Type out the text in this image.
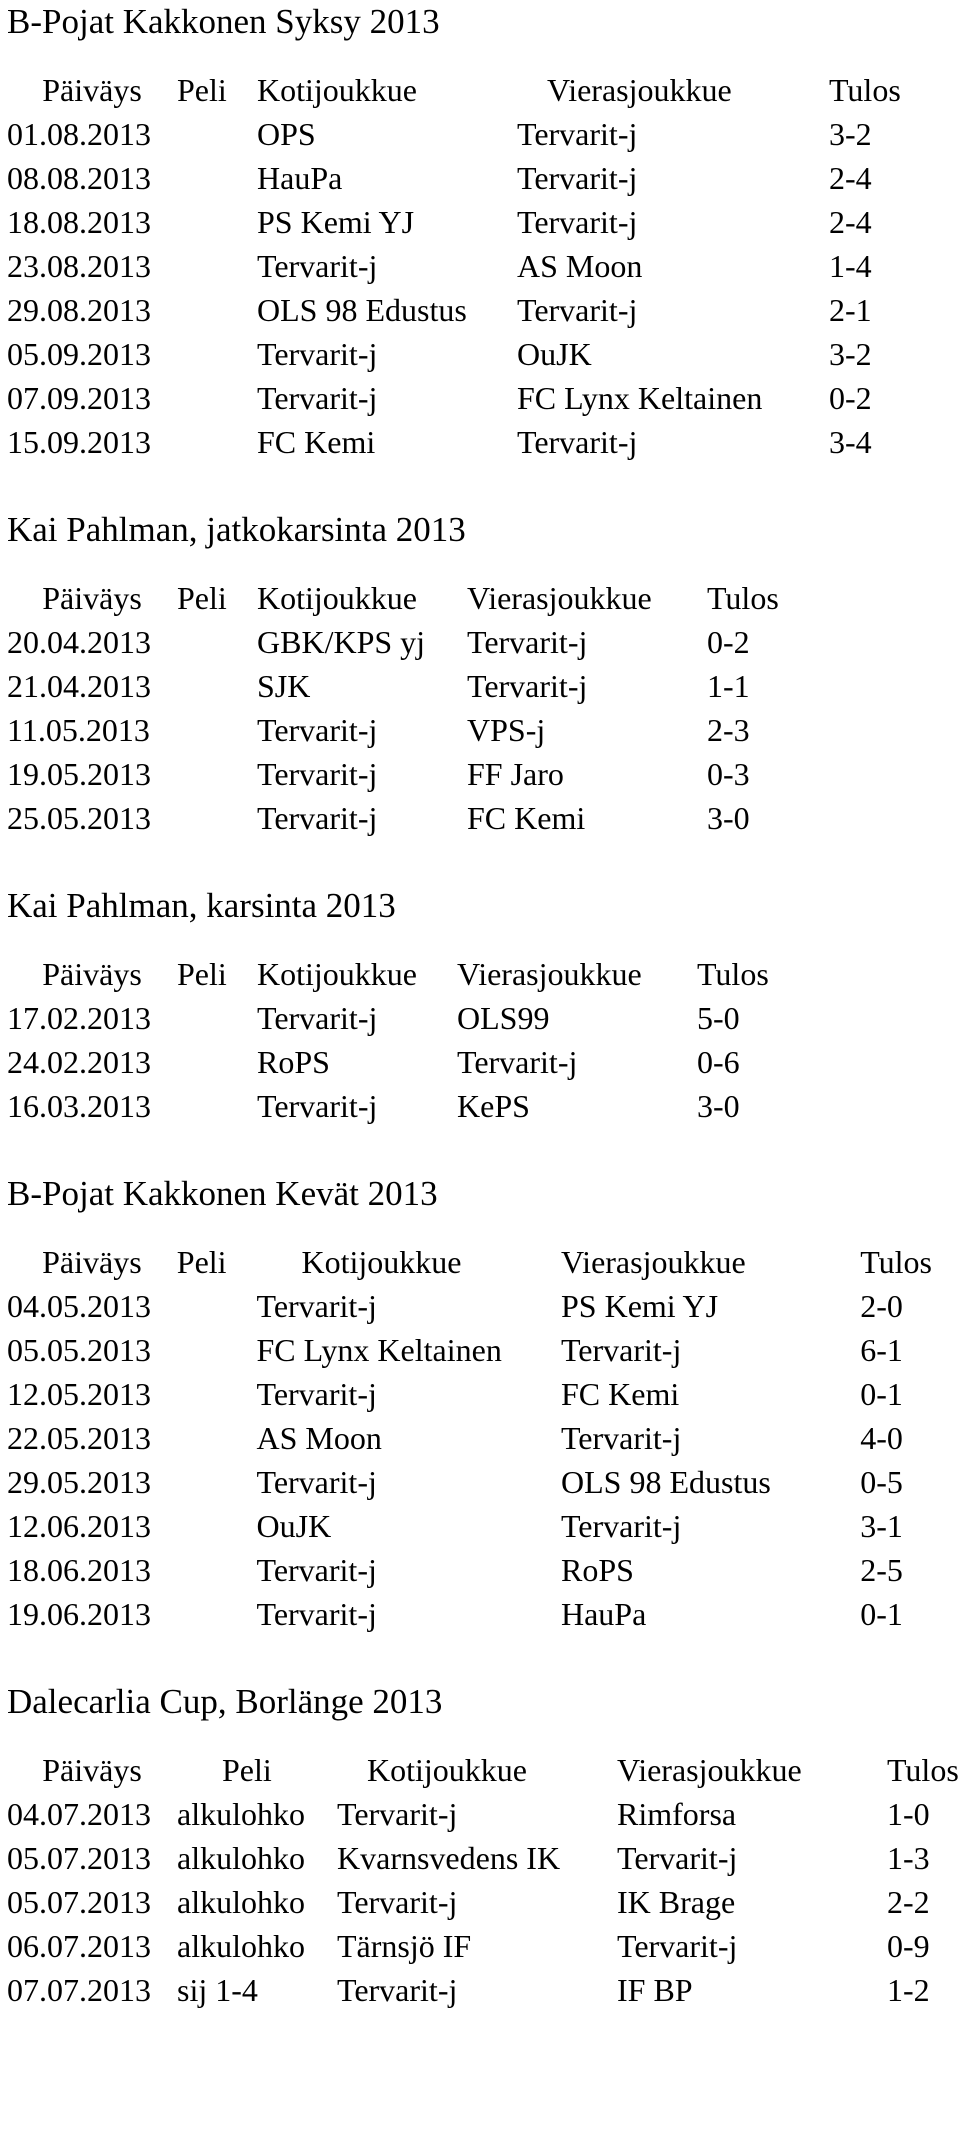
B-Pojat Kakkonen Syksy 2013
Päiväys	Peli	Kotijoukkue	Vierasjoukkue	Tulos
01.08.2013		OPS	Tervarit-j	3-2
08.08.2013		HauPa	Tervarit-j	2-4
18.08.2013		PS Kemi YJ	Tervarit-j	2-4
23.08.2013		Tervarit-j	AS Moon	1-4
29.08.2013		OLS 98 Edustus	Tervarit-j	2-1
05.09.2013		Tervarit-j	OuJK	3-2
07.09.2013		Tervarit-j	FC Lynx Keltainen	0-2
15.09.2013		FC Kemi	Tervarit-j	3-4
Kai Pahlman, jatkokarsinta 2013
Päiväys	Peli	Kotijoukkue	Vierasjoukkue	Tulos
20.04.2013		GBK/KPS yj	Tervarit-j	0-2
21.04.2013		SJK	Tervarit-j	1-1
11.05.2013		Tervarit-j	VPS-j	2-3
19.05.2013		Tervarit-j	FF Jaro	0-3
25.05.2013		Tervarit-j	FC Kemi	3-0
Kai Pahlman, karsinta 2013
Päiväys	Peli	Kotijoukkue	Vierasjoukkue	Tulos
17.02.2013		Tervarit-j	OLS99	5-0
24.02.2013		RoPS	Tervarit-j	0-6
16.03.2013		Tervarit-j	KePS	3-0
B-Pojat Kakkonen Kevät 2013
Päiväys	Peli	Kotijoukkue	Vierasjoukkue	Tulos
04.05.2013		Tervarit-j	PS Kemi YJ	2-0
05.05.2013		FC Lynx Keltainen	Tervarit-j	6-1
12.05.2013		Tervarit-j	FC Kemi	0-1
22.05.2013		AS Moon	Tervarit-j	4-0
29.05.2013		Tervarit-j	OLS 98 Edustus	0-5
12.06.2013		OuJK	Tervarit-j	3-1
18.06.2013		Tervarit-j	RoPS	2-5
19.06.2013		Tervarit-j	HauPa	0-1
Dalecarlia Cup, Borlänge 2013
Päiväys	Peli	Kotijoukkue	Vierasjoukkue	Tulos
04.07.2013	alkulohko	Tervarit-j	Rimforsa	1-0
05.07.2013	alkulohko	Kvarnsvedens IK	Tervarit-j	1-3
05.07.2013	alkulohko	Tervarit-j	IK Brage	2-2
06.07.2013	alkulohko	Tärnsjö IF	Tervarit-j	0-9
07.07.2013	sij 1-4	Tervarit-j	IF BP	1-2
